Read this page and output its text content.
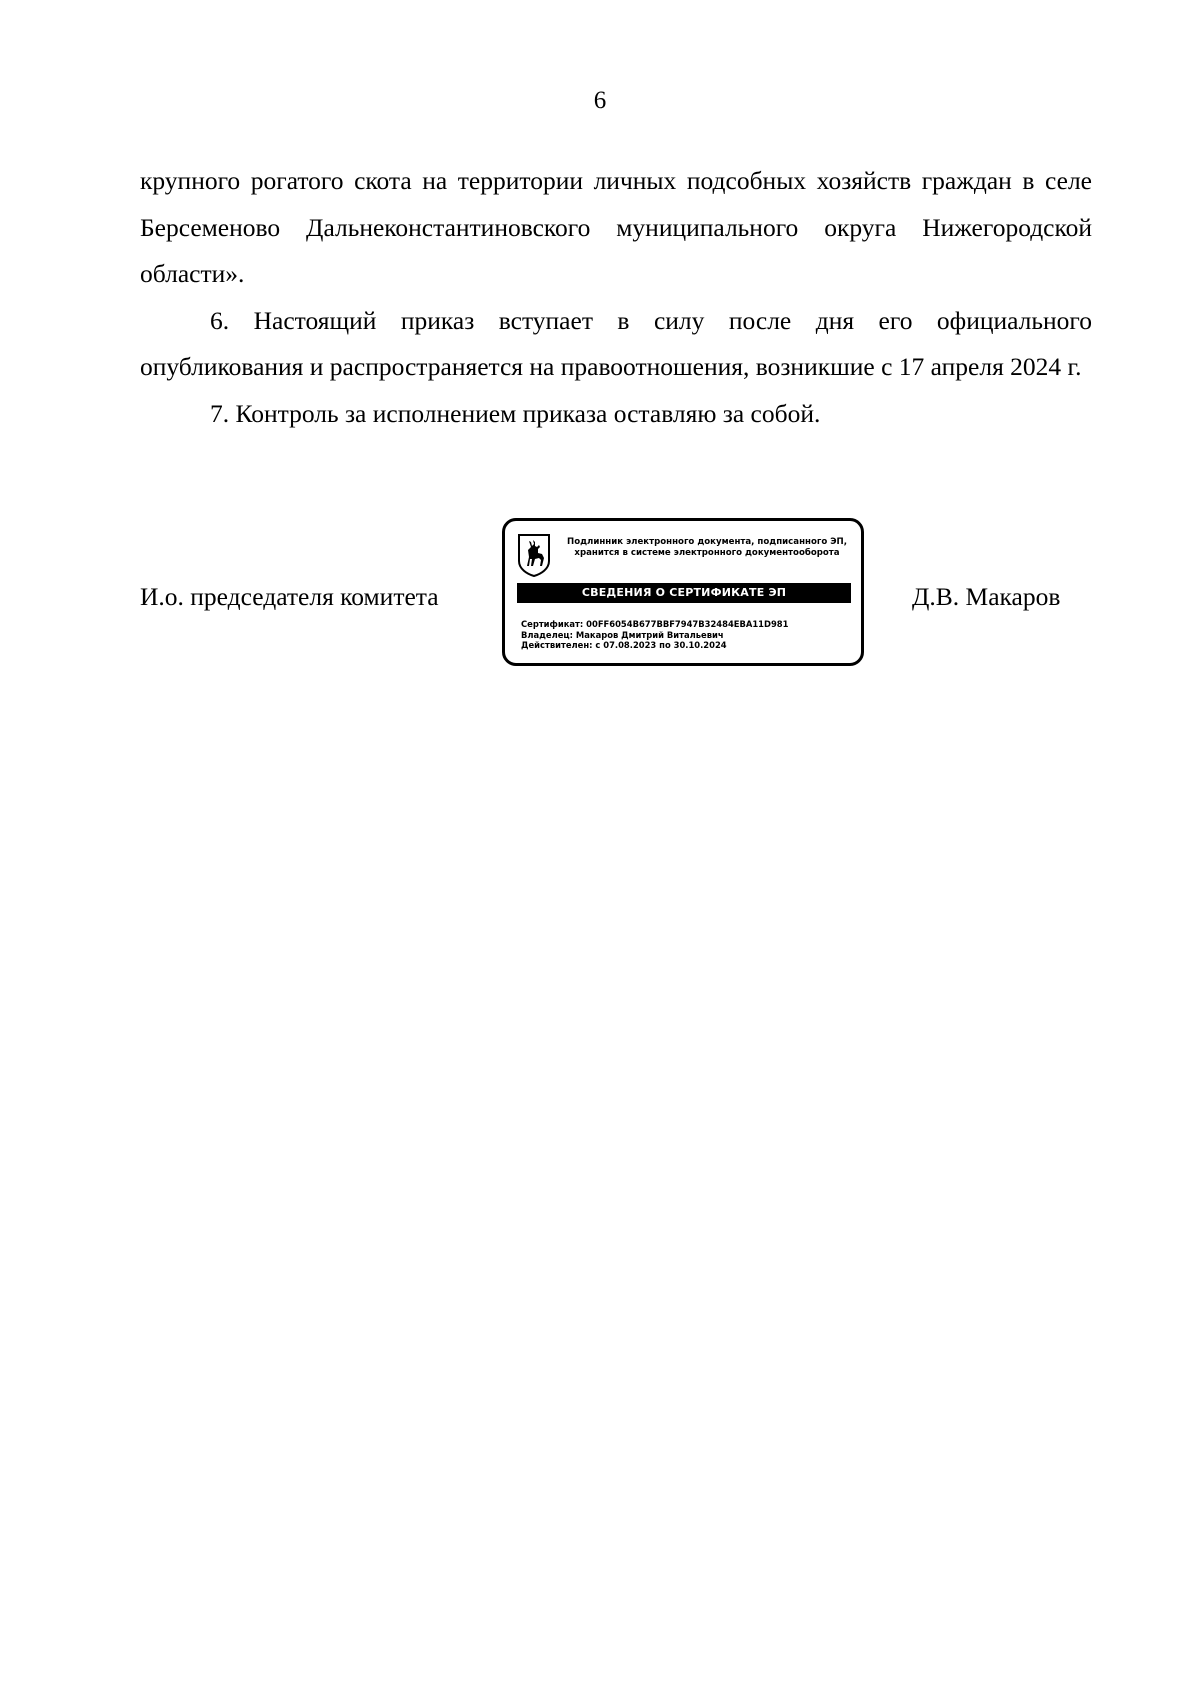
6

крупного рогатого скота на территории личных подсобных хозяйств граждан в селе Берсеменово Дальнеконстантиновского муниципального округа Нижегородской области».

6. Настоящий приказ вступает в силу после дня его официального опубликования и распространяется на правоотношения, возникшие с 17 апреля 2024 г.

7. Контроль за исполнением приказа оставляю за собой.

И.о. председателя комитета	Д.В. Макаров
Подлинник электронного документа, подписанного ЭП,
хранится в системе электронного документооборота
СВЕДЕНИЯ О СЕРТИФИКАТЕ ЭП
Сертификат: 00FF6054B677BBF7947B32484EBA11D981
Владелец: Макаров Дмитрий Витальевич
Действителен: с 07.08.2023 по 30.10.2024
